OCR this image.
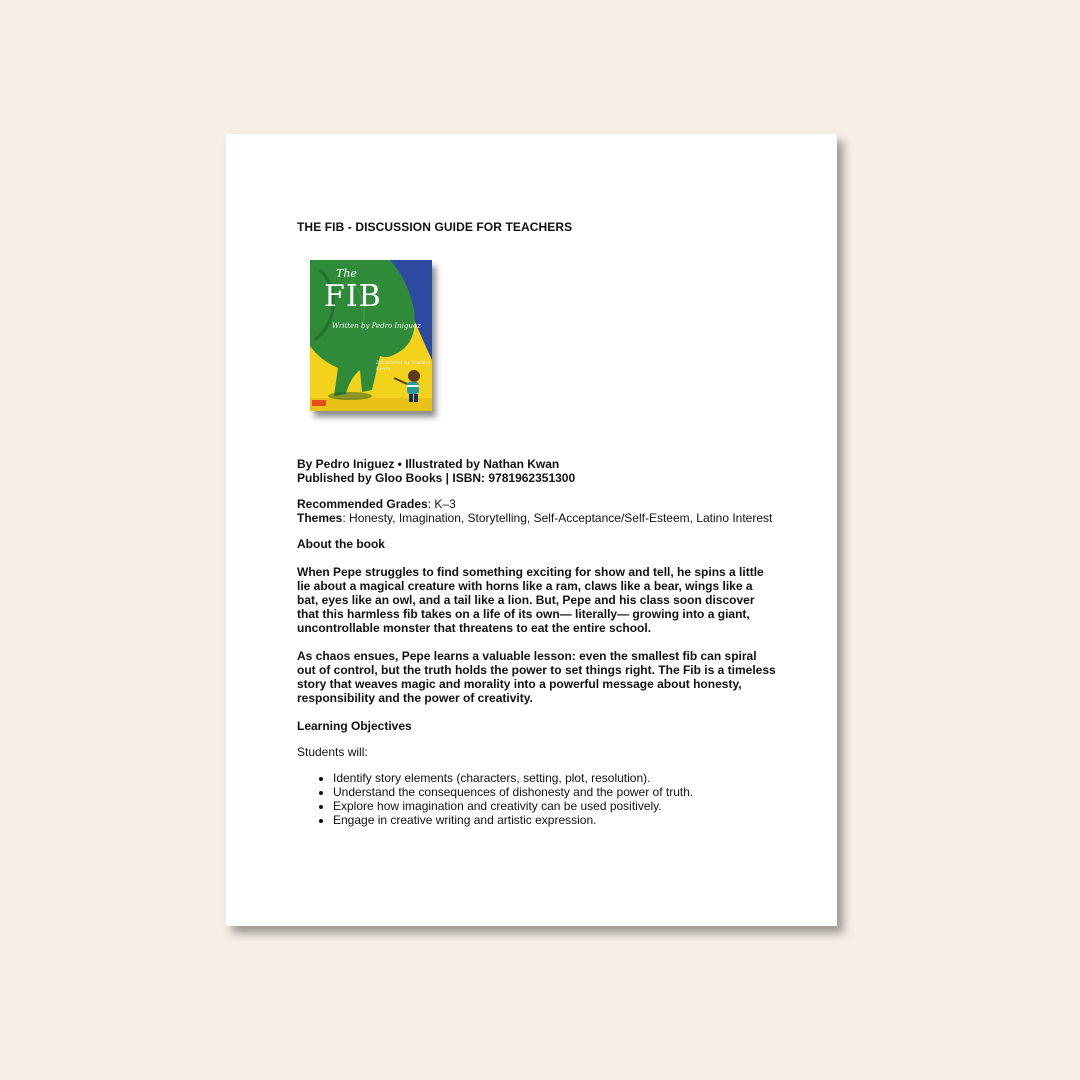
THE FIB - DISCUSSION GUIDE FOR TEACHERS

The
FIB
Written by Pedro Iniguez
Illustrated by Nathan Kwan
By Pedro Iniguez • Illustrated by Nathan Kwan
Published by Gloo Books | ISBN: 9781962351300
Recommended Grades: K–3
Themes: Honesty, Imagination, Storytelling, Self-Acceptance/Self-Esteem, Latino Interest
About the book
When Pepe struggles to find something exciting for show and tell, he spins a little lie about a magical creature with horns like a ram, claws like a bear, wings like a bat, eyes like an owl, and a tail like a lion. But, Pepe and his class soon discover that this harmless fib takes on a life of its own— literally— growing into a giant, uncontrollable monster that threatens to eat the entire school.
As chaos ensues, Pepe learns a valuable lesson: even the smallest fib can spiral out of control, but the truth holds the power to set things right. The Fib is a timeless story that weaves magic and morality into a powerful message about honesty, responsibility and the power of creativity.
Learning Objectives
Students will:
• Identify story elements (characters, setting, plot, resolution).
• Understand the consequences of dishonesty and the power of truth.
• Explore how imagination and creativity can be used positively.
• Engage in creative writing and artistic expression.
